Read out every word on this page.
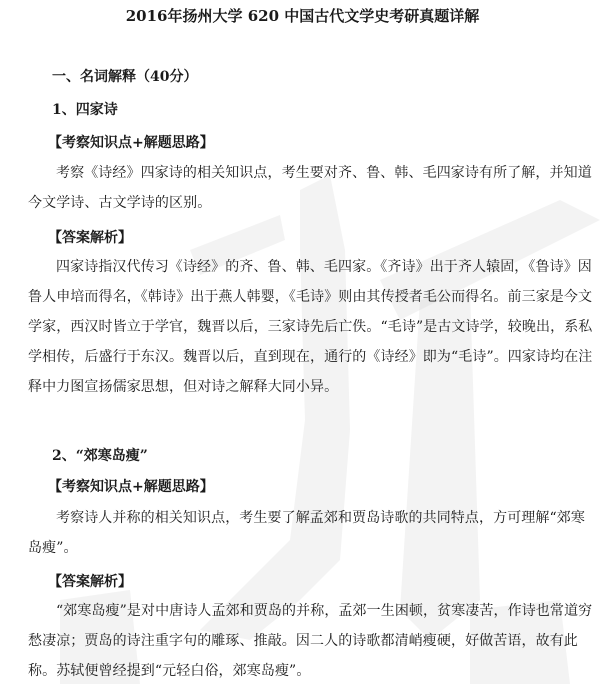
2016年扬州大学 620 中国古代文学史考研真题详解
一、名词解释（40分）
1、四家诗
【考察知识点+解题思路】

考察《诗经》四家诗的相关知识点，考生要对齐、鲁、韩、毛四家诗有所了解，并知道今文学诗、古文学诗的区别。

【答案解析】

四家诗指汉代传习《诗经》的齐、鲁、韩、毛四家。《齐诗》出于齐人辕固，《鲁诗》因鲁人申培而得名，《韩诗》出于燕人韩婴，《毛诗》则由其传授者毛公而得名。前三家是今文学家，西汉时皆立于学官，魏晋以后，三家诗先后亡佚。“毛诗”是古文诗学，较晚出，系私学相传，后盛行于东汉。魏晋以后，直到现在，通行的《诗经》即为“毛诗”。四家诗均在注释中力图宣扬儒家思想，但对诗之解释大同小异。

2、“郊寒岛瘦”
【考察知识点+解题思路】

考察诗人并称的相关知识点，考生要了解孟郊和贾岛诗歌的共同特点，方可理解“郊寒岛瘦”。

【答案解析】

“郊寒岛瘦”是对中唐诗人孟郊和贾岛的并称，孟郊一生困顿，贫寒凄苦，作诗也常道穷愁凄凉；贾岛的诗注重字句的雕琢、推敲。因二人的诗歌都清峭瘦硬，好做苦语，故有此称。苏轼便曾经提到“元轻白俗，郊寒岛瘦”。
